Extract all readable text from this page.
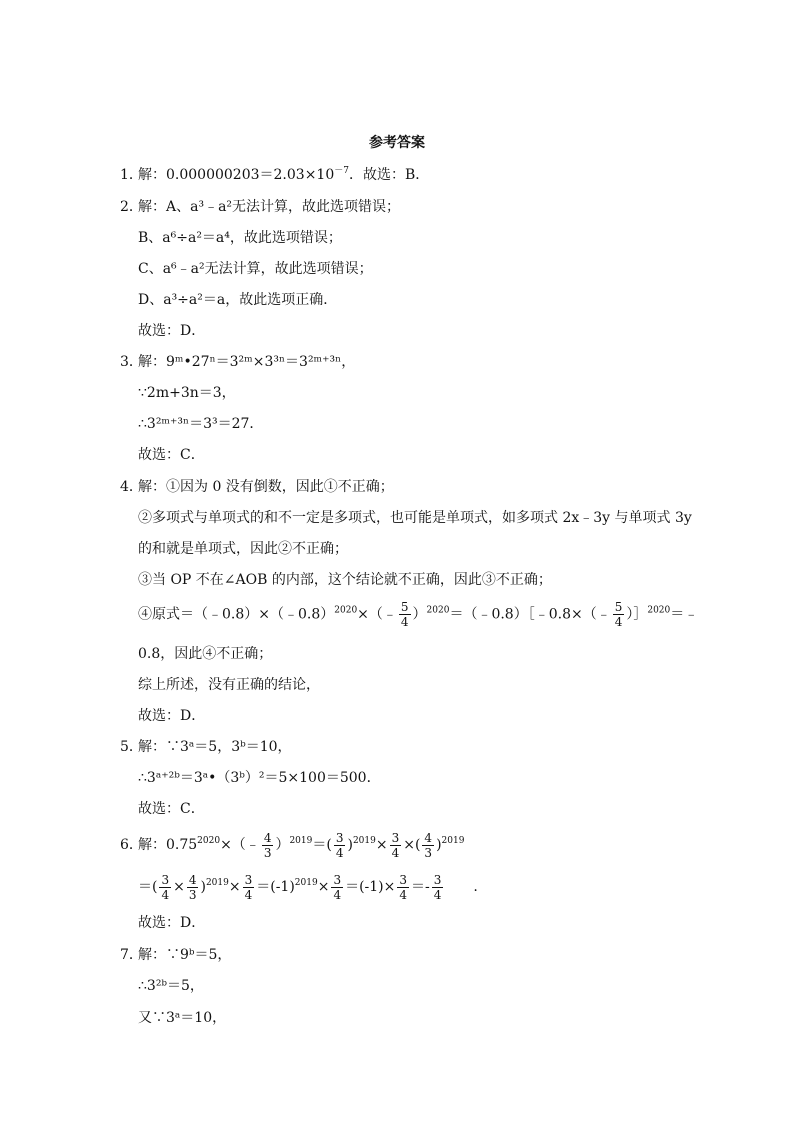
参考答案
1．解：$0.000000203=2.03\times 10^{-7}$．故选：B．
2．解：A、a³﹣a²无法计算，故此选项错误；
B、a⁶÷a²＝a⁴，故此选项错误；
C、a⁶﹣a²无法计算，故此选项错误；
D、a³÷a²＝a，故此选项正确．
故选：D．
3．解：9ᵐ•27ⁿ＝3²ᵐ×3³ⁿ＝3²ᵐ⁺³ⁿ，
∵2m+3n＝3，
∴3²ᵐ⁺³ⁿ＝3³＝27．
故选：C．
4．解：①因为 0 没有倒数，因此①不正确；
②多项式与单项式的和不一定是多项式，也可能是单项式，如多项式 2x﹣3y 与单项式 3y
的和就是单项式，因此②不正确；
③当 OP 不在∠AOB 的内部，这个结论就不正确，因此③不正确；
④原式＝（﹣0.8）×（﹣0.8）$^{2020}$×（﹣ $\frac{5}{4}$ ）$^{2020}$＝（﹣0.8）［﹣0.8×（﹣ $\frac{5}{4}$ ）］$^{2020}$＝﹣
0.8，因此④不正确；
综上所述，没有正确的结论，
故选：D．
5．解：∵3ᵃ＝5，3ᵇ＝10，
∴3ᵃ⁺²ᵇ＝3ᵃ•（3ᵇ）²＝5×100＝500．
故选：C．
6．解：$0.75^{2020}\times(﹣ \frac{4}{3} )^{2019}=( \frac{3}{4} )^{2019}\times \frac{3}{4}$ ×( $\frac{4}{3} )^{2019}$
＝( $\frac{3}{4} \times \frac{4}{3} )^{2019}\times \frac{3}{4} =(-1)^{2019}\times \frac{3}{4} =(-1)\times \frac{3}{4} =- \frac{3}{4}$ .
故选：D．
7．解：∵9ᵇ＝5，
∴3²ᵇ＝5，
又∵3ᵃ＝10，
